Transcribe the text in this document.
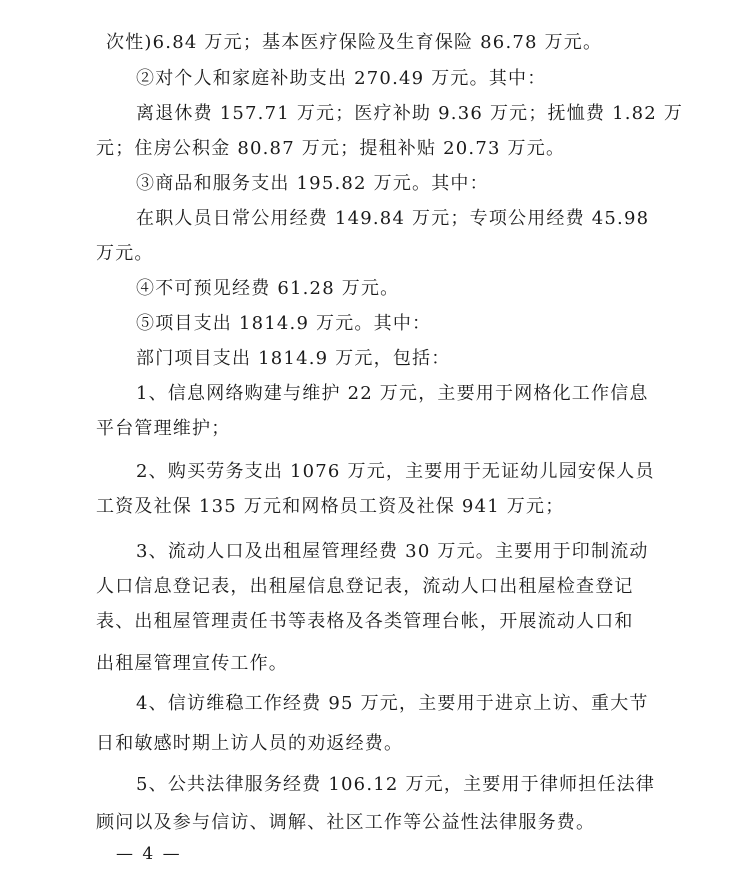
次性)6.84 万元；基本医疗保险及生育保险 86.78 万元。
②对个人和家庭补助支出 270.49 万元。其中：
离退休费 157.71 万元；医疗补助 9.36 万元；抚恤费 1.82 万
元；住房公积金 80.87 万元；提租补贴 20.73 万元。
③商品和服务支出 195.82 万元。其中：
在职人员日常公用经费 149.84 万元；专项公用经费 45.98
万元。
④不可预见经费 61.28 万元。
⑤项目支出 1814.9 万元。其中：
部门项目支出 1814.9 万元，包括：
1、信息网络购建与维护 22 万元，主要用于网格化工作信息
平台管理维护；
2、购买劳务支出 1076 万元，主要用于无证幼儿园安保人员
工资及社保 135 万元和网格员工资及社保 941 万元；
3、流动人口及出租屋管理经费 30 万元。主要用于印制流动
人口信息登记表，出租屋信息登记表，流动人口出租屋检查登记
表、出租屋管理责任书等表格及各类管理台帐，开展流动人口和
出租屋管理宣传工作。
4、信访维稳工作经费 95 万元，主要用于进京上访、重大节
日和敏感时期上访人员的劝返经费。
5、公共法律服务经费 106.12 万元，主要用于律师担任法律
顾问以及参与信访、调解、社区工作等公益性法律服务费。
— 4 —
